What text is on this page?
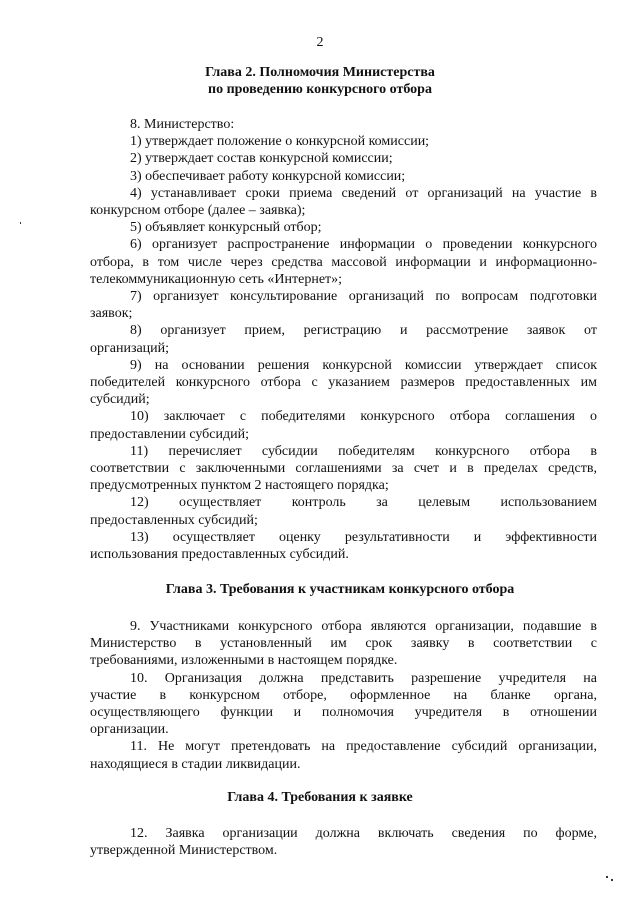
2
Глава 2. Полномочия Министерства
по проведению конкурсного отбора
8. Министерство:
1) утверждает положение о конкурсной комиссии;
2) утверждает состав конкурсной комиссии;
3) обеспечивает работу конкурсной комиссии;
4) устанавливает сроки приема сведений от организаций на участие в
конкурсном отборе (далее – заявка);
5) объявляет конкурсный отбор;
6) организует распространение информации о проведении конкурсного
отбора, в том числе через средства массовой информации и информационно-
телекоммуникационную сеть «Интернет»;
7) организует консультирование организаций по вопросам подготовки
заявок;
8) организует прием, регистрацию и рассмотрение заявок от
организаций;
9) на основании решения конкурсной комиссии утверждает список
победителей конкурсного отбора с указанием размеров предоставленных им
субсидий;
10) заключает с победителями конкурсного отбора соглашения о
предоставлении субсидий;
11) перечисляет субсидии победителям конкурсного отбора в
соответствии с заключенными соглашениями за счет и в пределах средств,
предусмотренных пунктом 2 настоящего порядка;
12) осуществляет контроль за целевым использованием
предоставленных субсидий;
13) осуществляет оценку результативности и эффективности
использования предоставленных субсидий.
Глава 3. Требования к участникам конкурсного отбора
9. Участниками конкурсного отбора являются организации, подавшие в
Министерство в установленный им срок заявку в соответствии с
требованиями, изложенными в настоящем порядке.
10. Организация должна представить разрешение учредителя на
участие в конкурсном отборе, оформленное на бланке органа,
осуществляющего функции и полномочия учредителя в отношении
организации.
11. Не могут претендовать на предоставление субсидий организации,
находящиеся в стадии ликвидации.
Глава 4. Требования к заявке
12. Заявка организации должна включать сведения по форме,
утвержденной Министерством.
